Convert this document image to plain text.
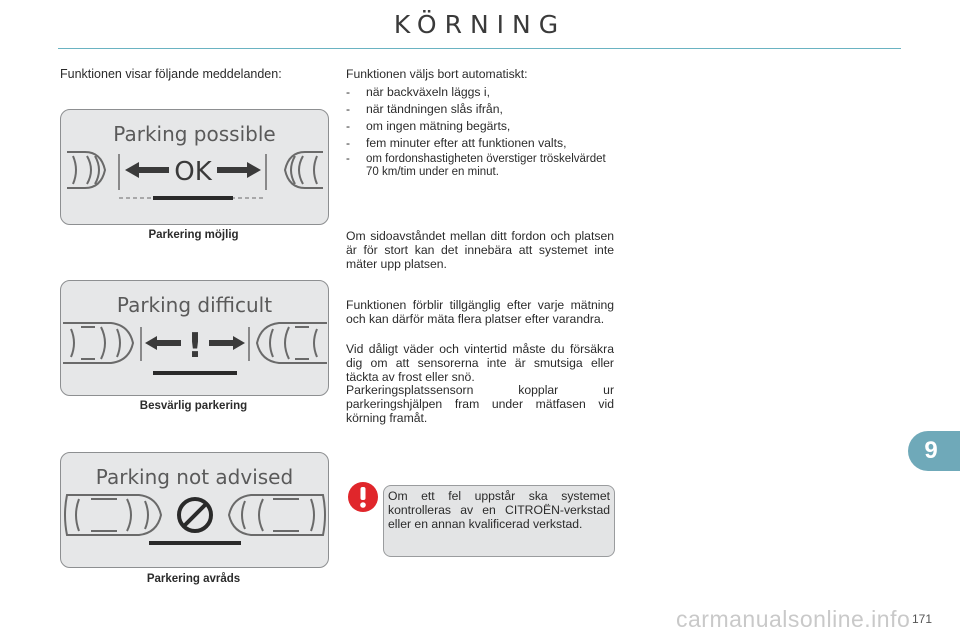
KÖRNING
Funktionen visar följande meddelanden:
Parking possible
OK
Parkering möjlig
Parking difficult
!
Besvärlig parkering
Parking not advised
Parkering avråds

Funktionen väljs bort automatiskt:

- när backväxeln läggs i,
- när tändningen slås ifrån,
- om ingen mätning begärts,
- fem minuter efter att funktionen valts,
- om fordonshastigheten överstiger tröskelvärdet 70 km/tim under en minut.
Om sidoavståndet mellan ditt fordon och platsen är för stort kan det innebära att systemet inte mäter upp platsen.
Funktionen förblir tillgänglig efter varje mätning och kan därför mäta flera platser efter varandra.
Vid dåligt väder och vintertid måste du försäkra dig om att sensorerna inte är smutsiga eller täckta av frost eller snö.
Parkeringsplatssensorn kopplar ur parkeringshjälpen fram under mätfasen vid körning framåt.
Om ett fel uppstår ska systemet kontrolleras av en CITROËN-verkstad eller en annan kvalificerad verkstad.
9
carmanualsonline.info 171
